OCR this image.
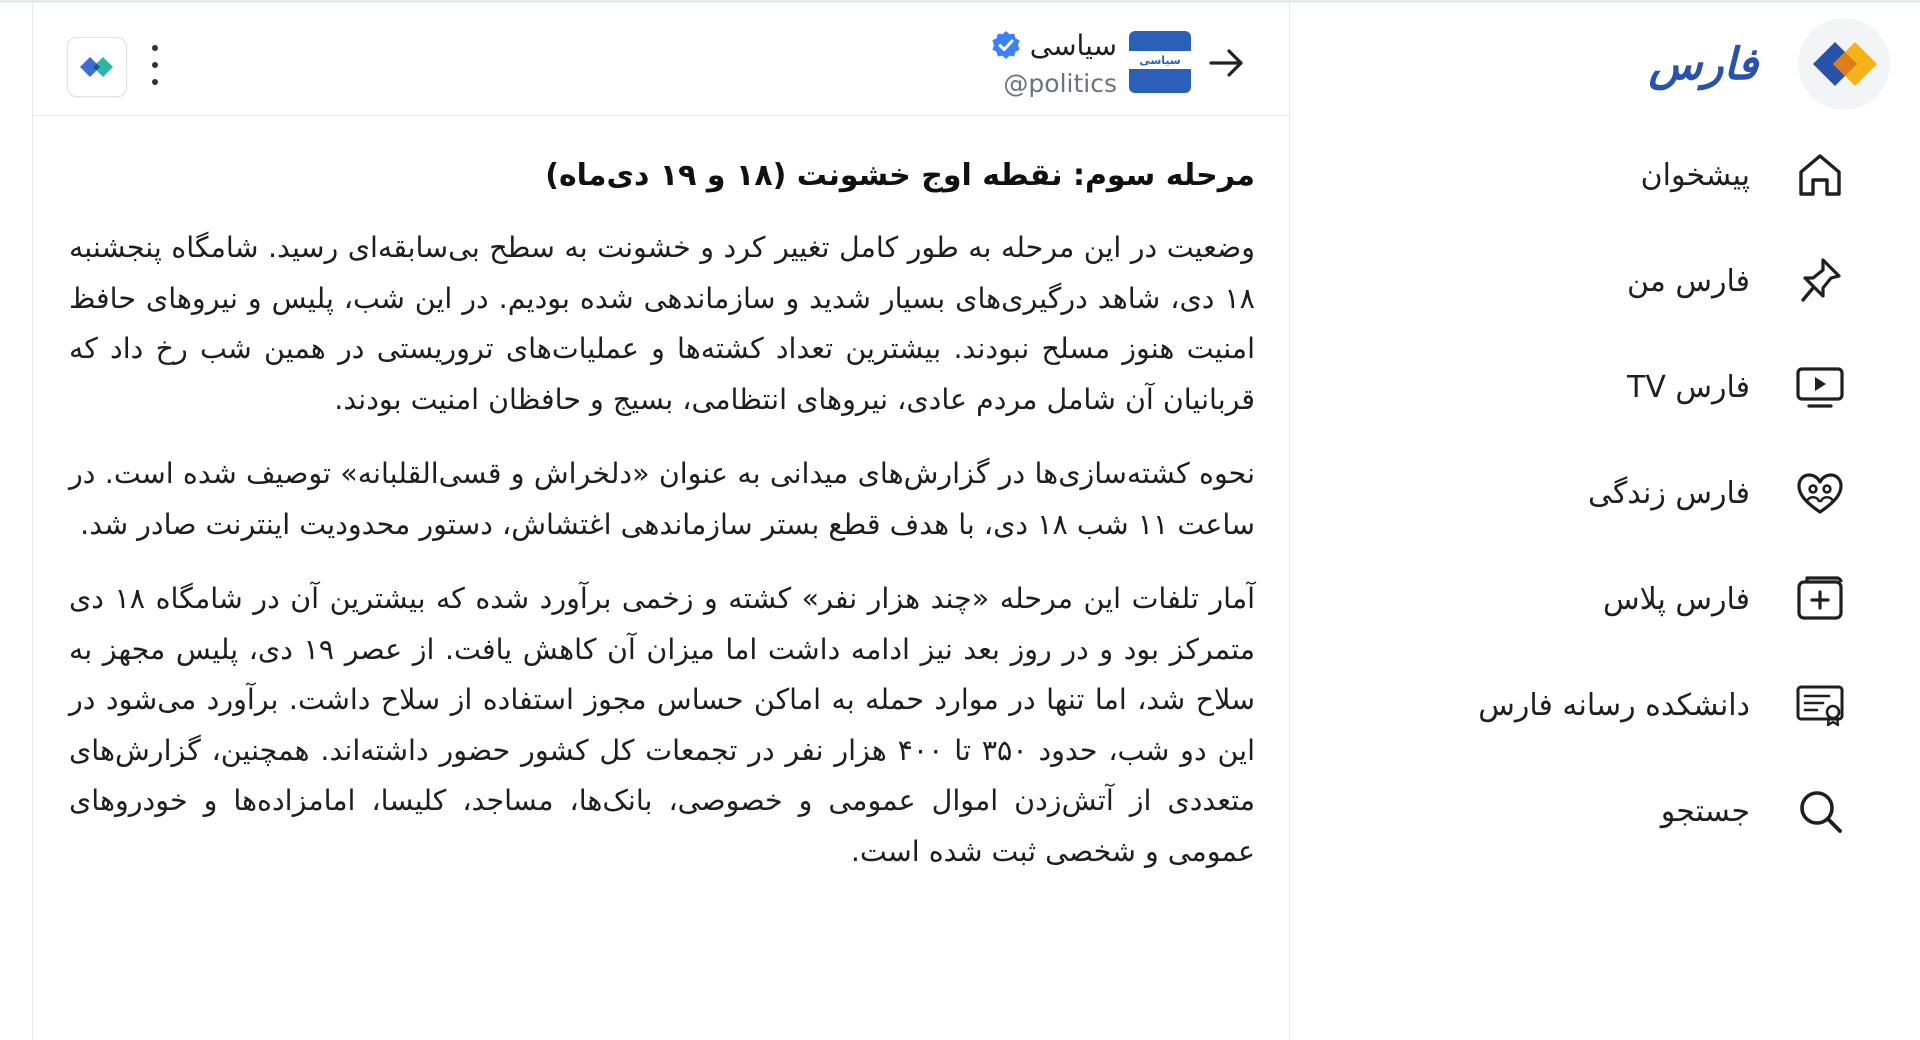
سیاسی
سیاسی
@politics
مرحله سوم: نقطه اوج خشونت (۱۸ و ۱۹ دی‌ماه)

وضعیت در این مرحله به طور کامل تغییر کرد و خشونت به سطح بی‌سابقه‌ای رسید. شامگاه پنجشنبه ۱۸ دی، شاهد درگیری‌های بسیار شدید و سازماندهی شده بودیم. در این شب، پلیس و نیروهای حافظ امنیت هنوز مسلح نبودند. بیشترین تعداد کشته‌ها و عملیات‌های تروریستی در همین شب رخ داد که قربانیان آن شامل مردم عادی، نیروهای انتظامی، بسیج و حافظان امنیت بودند.

نحوه کشته‌سازی‌ها در گزارش‌های میدانی به عنوان «دلخراش و قسی‌القلبانه» توصیف شده است. در ساعت ۱۱ شب ۱۸ دی، با هدف قطع بستر سازماندهی اغتشاش، دستور محدودیت اینترنت صادر شد.

آمار تلفات این مرحله «چند هزار نفر» کشته و زخمی برآورد شده که بیشترین آن در شامگاه ۱۸ دی متمرکز بود و در روز بعد نیز ادامه داشت اما میزان آن کاهش یافت. از عصر ۱۹ دی، پلیس مجهز به سلاح شد، اما تنها در موارد حمله به اماکن حساس مجوز استفاده از سلاح داشت. برآورد می‌شود در این دو شب، حدود ۳۵۰ تا ۴۰۰ هزار نفر در تجمعات کل کشور حضور داشته‌اند. همچنین، گزارش‌های متعددی از آتش‌زدن اموال عمومی و خصوصی، بانک‌ها، مساجد، کلیسا، امامزاده‌ها و خودروهای عمومی و شخصی ثبت شده است.

فارس
پیشخوان
فارس من
فارس TV
فارس زندگی
فارس پلاس
دانشکده رسانه فارس
جستجو
